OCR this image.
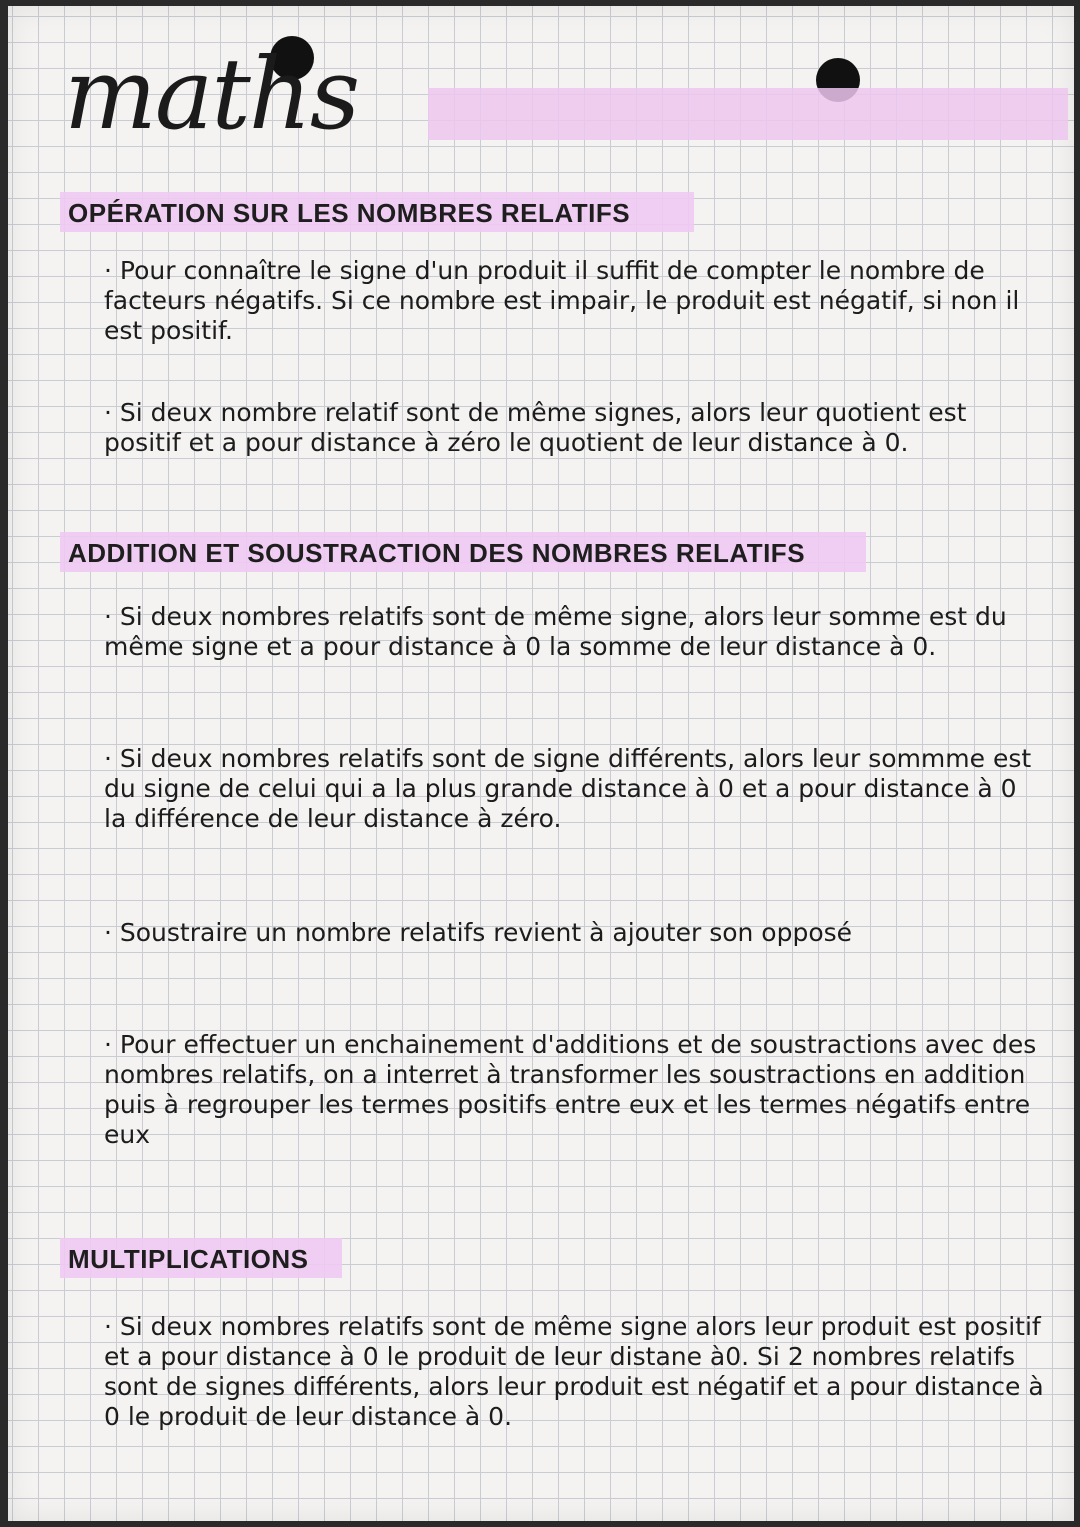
maths
OPÉRATION SUR LES NOMBRES RELATIFS

· Pour connaître le signe d'un produit il suffit de compter le nombre de facteurs négatifs. Si ce nombre est impair, le produit est négatif, si non il est positif.

· Si deux nombre relatif sont de même signes, alors leur quotient est positif et a pour distance à zéro le quotient de leur distance à 0.

ADDITION ET SOUSTRACTION DES NOMBRES RELATIFS

· Si deux nombres relatifs sont de même signe, alors leur somme est du même signe et a pour distance à 0 la somme de leur distance à 0.

· Si deux nombres relatifs sont de signe différents, alors leur sommme est du signe de celui qui a la plus grande distance à 0 et a pour distance à 0 la différence de leur distance à zéro.

· Soustraire un nombre relatifs revient à ajouter son opposé

· Pour effectuer un enchainement d'additions et de soustractions avec des nombres relatifs, on a interret à transformer les soustractions en addition puis à regrouper les termes positifs entre eux et les termes négatifs entre eux

MULTIPLICATIONS

· Si deux nombres relatifs sont de même signe alors leur produit est positif et a pour distance à 0 le produit de leur distane à0. Si 2 nombres relatifs sont de signes différents, alors leur produit est négatif et a pour distance à 0 le produit de leur distance à 0.
